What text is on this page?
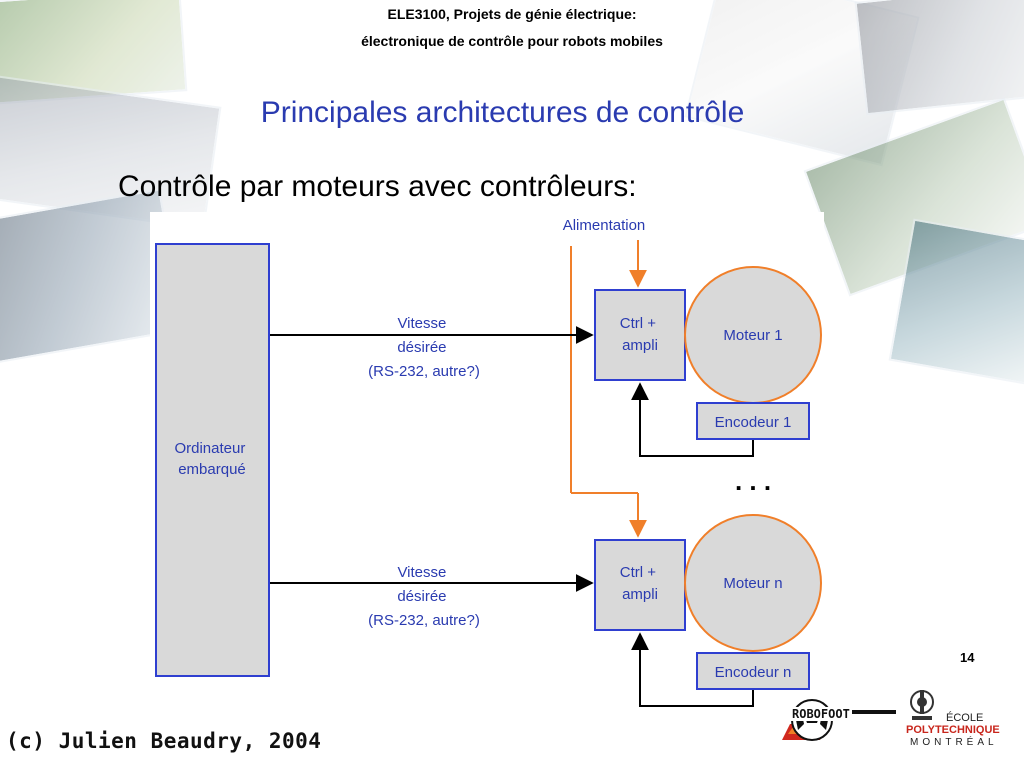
ELE3100, Projets de génie électrique:
électronique de contrôle pour robots mobiles
Principales architectures de contrôle
Contrôle par moteurs avec contrôleurs:
Ordinateur embarqué
Alimentation
Vitesse désirée (RS-232, autre?)
Ctrl + ampli
Moteur 1
Encodeur 1
. . .
Vitesse désirée (RS-232, autre?)
Ctrl + ampli
Moteur n
Encodeur n
14
(c) Julien Beaudry, 2004
ROBOFOOT	ÉCOLE
POLYTECHNIQUE
MONTRÉAL
